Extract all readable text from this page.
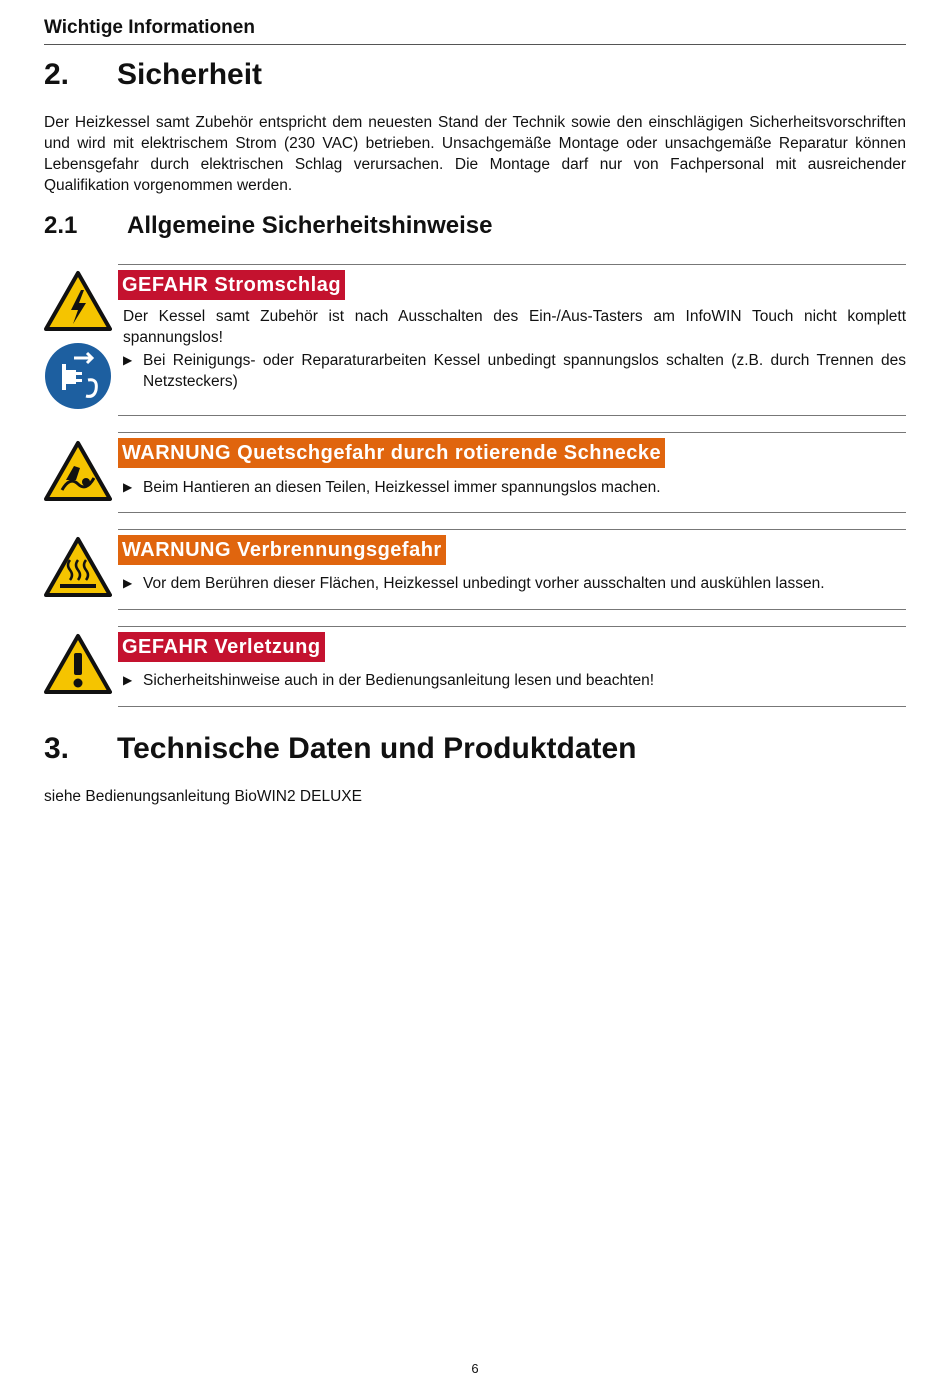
Wichtige Informationen
2. Sicherheit

Der Heizkessel samt Zubehör entspricht dem neuesten Stand der Technik sowie den einschlägigen Sicherheitsvorschriften und wird mit elektrischem Strom (230 VAC) betrieben. Unsachgemäße Montage oder unsachgemäße Reparatur können Lebensgefahr durch elektrischen Schlag verursachen. Die Montage darf nur von Fachpersonal mit ausreichender Qualifikation vorgenommen werden.

2.1 Allgemeine Sicherheitshinweise
GEFAHR Stromschlag
Der Kessel samt Zubehör ist nach Ausschalten des Ein-/Aus-Tasters am InfoWIN Touch nicht komplett spannungslos!
▶ Bei Reinigungs- oder Reparaturarbeiten Kessel unbedingt spannungslos schalten (z.B. durch Trennen des Netzsteckers)
WARNUNG Quetschgefahr durch rotierende Schnecke
▶ Beim Hantieren an diesen Teilen, Heizkessel immer spannungslos machen.
WARNUNG Verbrennungsgefahr
▶ Vor dem Berühren dieser Flächen, Heizkessel unbedingt vorher ausschalten und auskühlen lassen.
GEFAHR Verletzung
▶ Sicherheitshinweise auch in der Bedienungsanleitung lesen und beachten!
3. Technische Daten und Produktdaten

siehe Bedienungsanleitung BioWIN2 DELUXE

6
